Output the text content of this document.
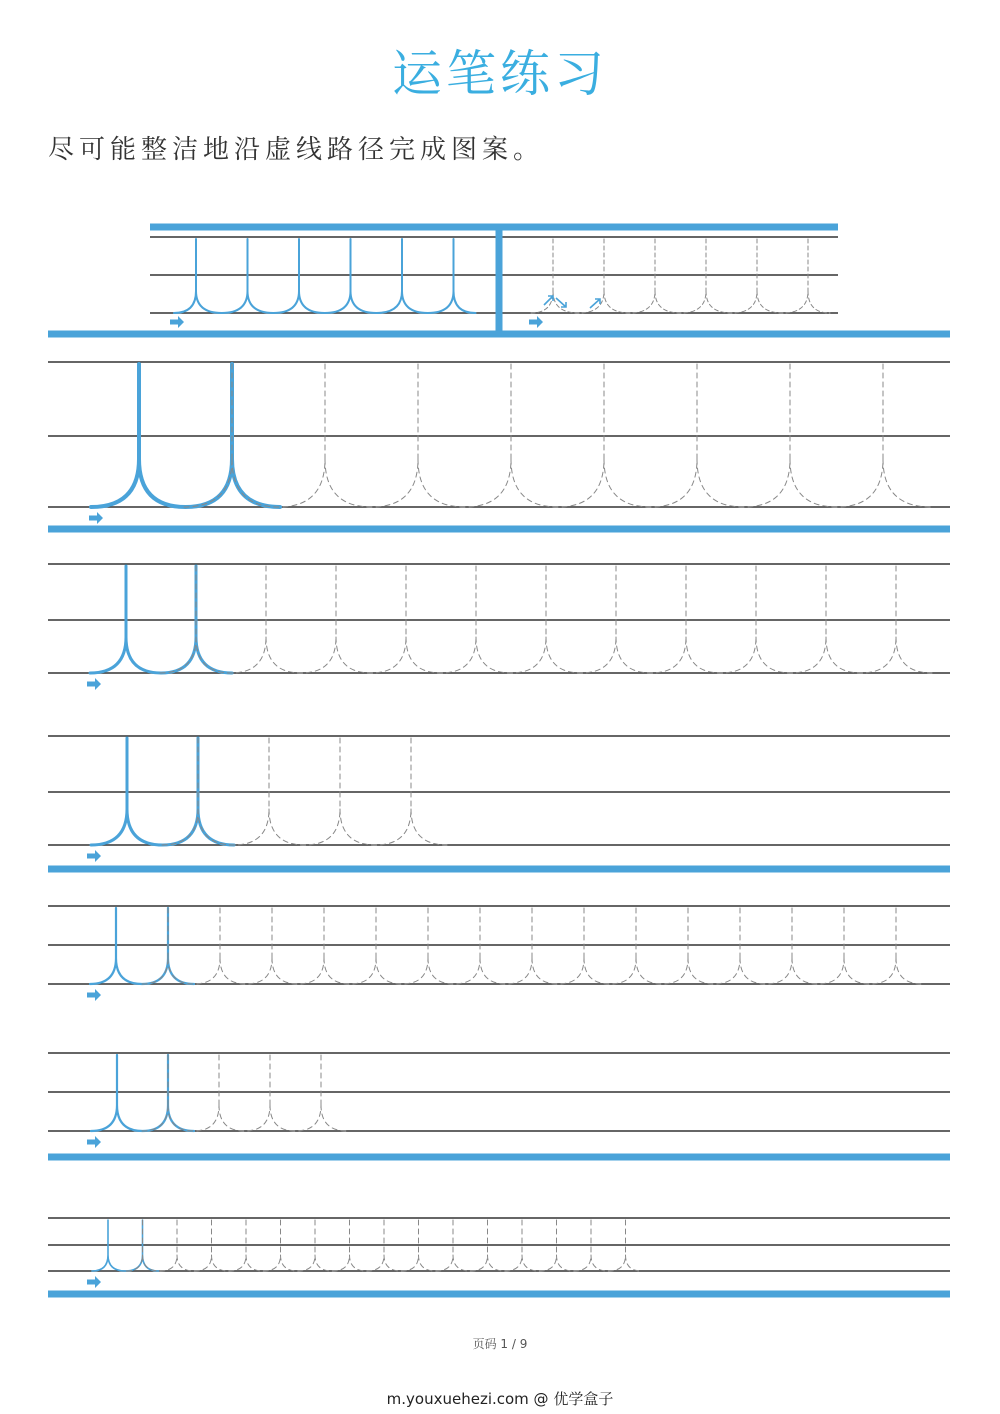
运笔练习
尽可能整洁地沿虚线路径完成图案。
页码 1 / 9
m.youxuehezi.com @ 优学盒子
